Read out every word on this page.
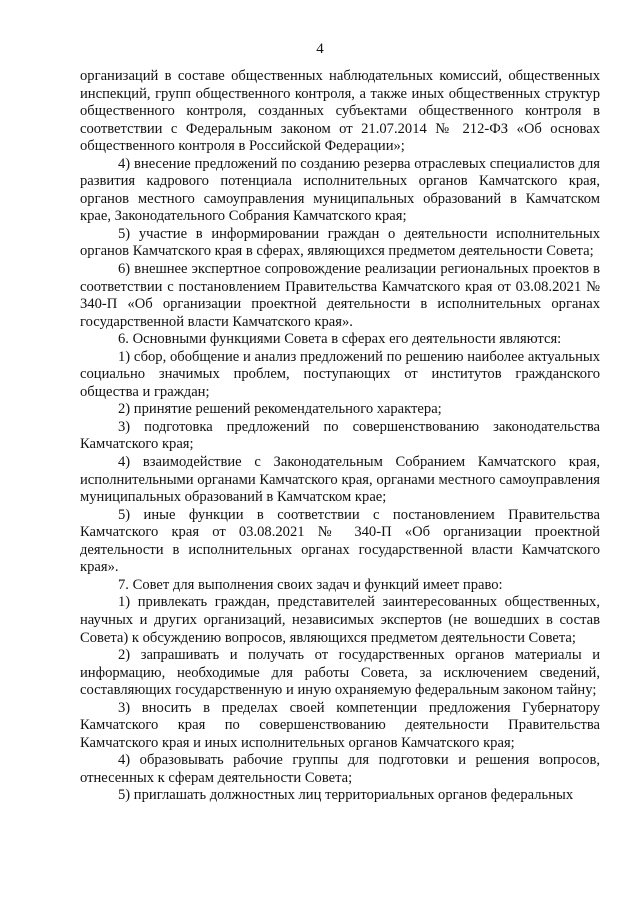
4

организаций в составе общественных наблюдательных комиссий, общественных инспекций, групп общественного контроля, а также иных общественных структур общественного контроля, созданных субъектами общественного контроля в соответствии с Федеральным законом от 21.07.2014 № 212-ФЗ «Об основах общественного контроля в Российской Федерации»;

4) внесение предложений по созданию резерва отраслевых специалистов для развития кадрового потенциала исполнительных органов Камчатского края, органов местного самоуправления муниципальных образований в Камчатском крае, Законодательного Собрания Камчатского края;

5) участие в информировании граждан о деятельности исполнительных органов Камчатского края в сферах, являющихся предметом деятельности Совета;

6) внешнее экспертное сопровождение реализации региональных проектов в соответствии с постановлением Правительства Камчатского края от 03.08.2021 № 340-П «Об организации проектной деятельности в исполнительных органах государственной власти Камчатского края».

6. Основными функциями Совета в сферах его деятельности являются:

1) сбор, обобщение и анализ предложений по решению наиболее актуальных социально значимых проблем, поступающих от институтов гражданского общества и граждан;

2) принятие решений рекомендательного характера;

3) подготовка предложений по совершенствованию законодательства Камчатского края;

4) взаимодействие с Законодательным Собранием Камчатского края, исполнительными органами Камчатского края, органами местного самоуправления муниципальных образований в Камчатском крае;

5) иные функции в соответствии с постановлением Правительства Камчатского края от 03.08.2021 № 340-П «Об организации проектной деятельности в исполнительных органах государственной власти Камчатского края».

7. Совет для выполнения своих задач и функций имеет право:

1) привлекать граждан, представителей заинтересованных общественных, научных и других организаций, независимых экспертов (не вошедших в состав Совета) к обсуждению вопросов, являющихся предметом деятельности Совета;

2) запрашивать и получать от государственных органов материалы и информацию, необходимые для работы Совета, за исключением сведений, составляющих государственную и иную охраняемую федеральным законом тайну;

3) вносить в пределах своей компетенции предложения Губернатору Камчатского края по совершенствованию деятельности Правительства Камчатского края и иных исполнительных органов Камчатского края;

4) образовывать рабочие группы для подготовки и решения вопросов, отнесенных к сферам деятельности Совета;

5) приглашать должностных лиц территориальных органов федеральных
